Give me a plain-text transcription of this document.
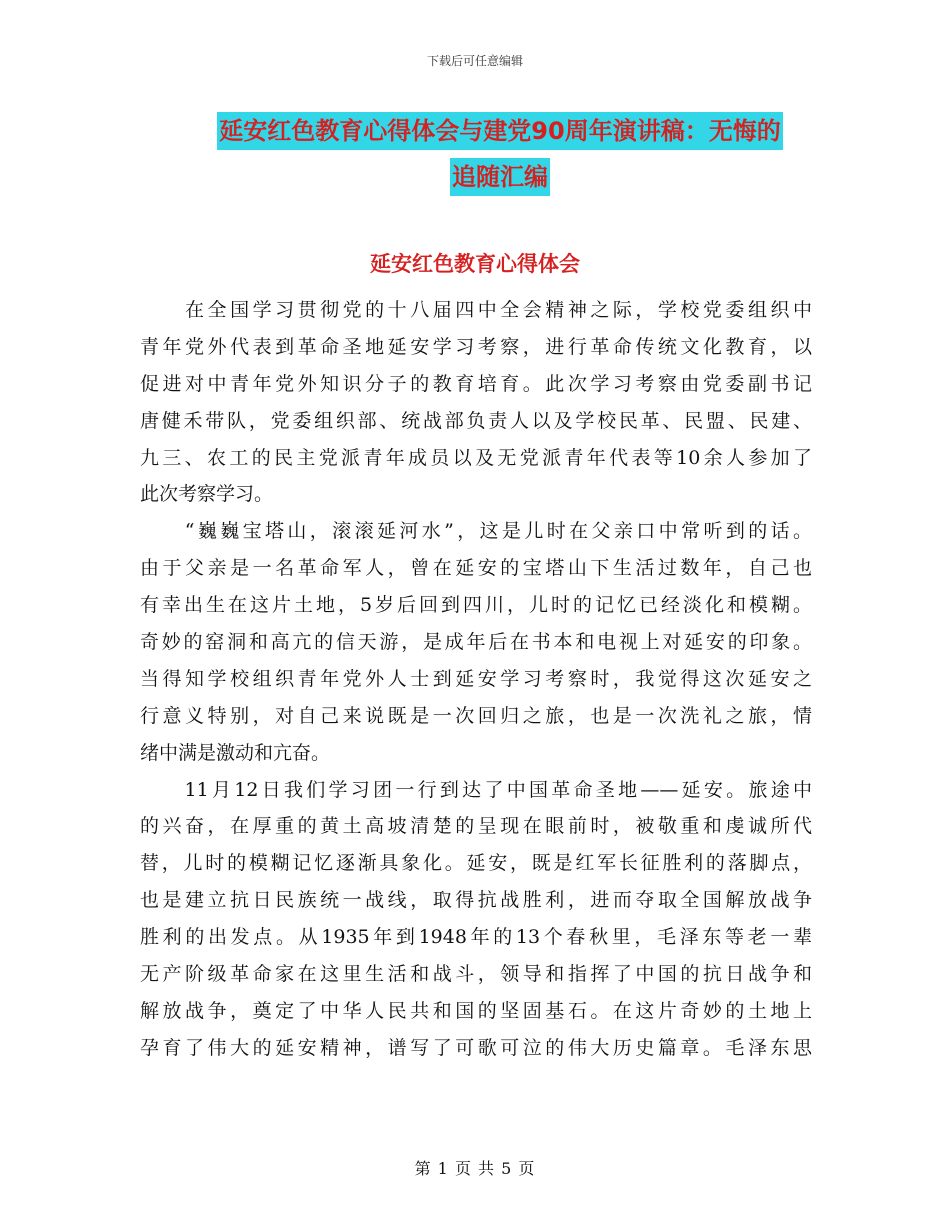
下载后可任意编辑
延安红色教育心得体会与建党90周年演讲稿：无悔的
追随汇编
延安红色教育心得体会
　　在全国学习贯彻党的十八届四中全会精神之际，学校党委组织中
青年党外代表到革命圣地延安学习考察，进行革命传统文化教育，以
促进对中青年党外知识分子的教育培育。此次学习考察由党委副书记
唐健禾带队，党委组织部、统战部负责人以及学校民革、民盟、民建、
九三、农工的民主党派青年成员以及无党派青年代表等10余人参加了
此次考察学习。
　　“巍巍宝塔山，滚滚延河水”，这是儿时在父亲口中常听到的话。
由于父亲是一名革命军人，曾在延安的宝塔山下生活过数年，自己也
有幸出生在这片土地，5岁后回到四川，儿时的记忆已经淡化和模糊。
奇妙的窑洞和高亢的信天游，是成年后在书本和电视上对延安的印象。
当得知学校组织青年党外人士到延安学习考察时，我觉得这次延安之
行意义特别，对自己来说既是一次回归之旅，也是一次洗礼之旅，情
绪中满是激动和亢奋。
　　11月12日我们学习团一行到达了中国革命圣地——延安。旅途中
的兴奋，在厚重的黄土高坡清楚的呈现在眼前时，被敬重和虔诚所代
替，儿时的模糊记忆逐渐具象化。延安，既是红军长征胜利的落脚点，
也是建立抗日民族统一战线，取得抗战胜利，进而夺取全国解放战争
胜利的出发点。从1935年到1948年的13个春秋里，毛泽东等老一辈
无产阶级革命家在这里生活和战斗，领导和指挥了中国的抗日战争和
解放战争，奠定了中华人民共和国的坚固基石。在这片奇妙的土地上
孕育了伟大的延安精神，谱写了可歌可泣的伟大历史篇章。毛泽东思
第 1 页 共 5 页
